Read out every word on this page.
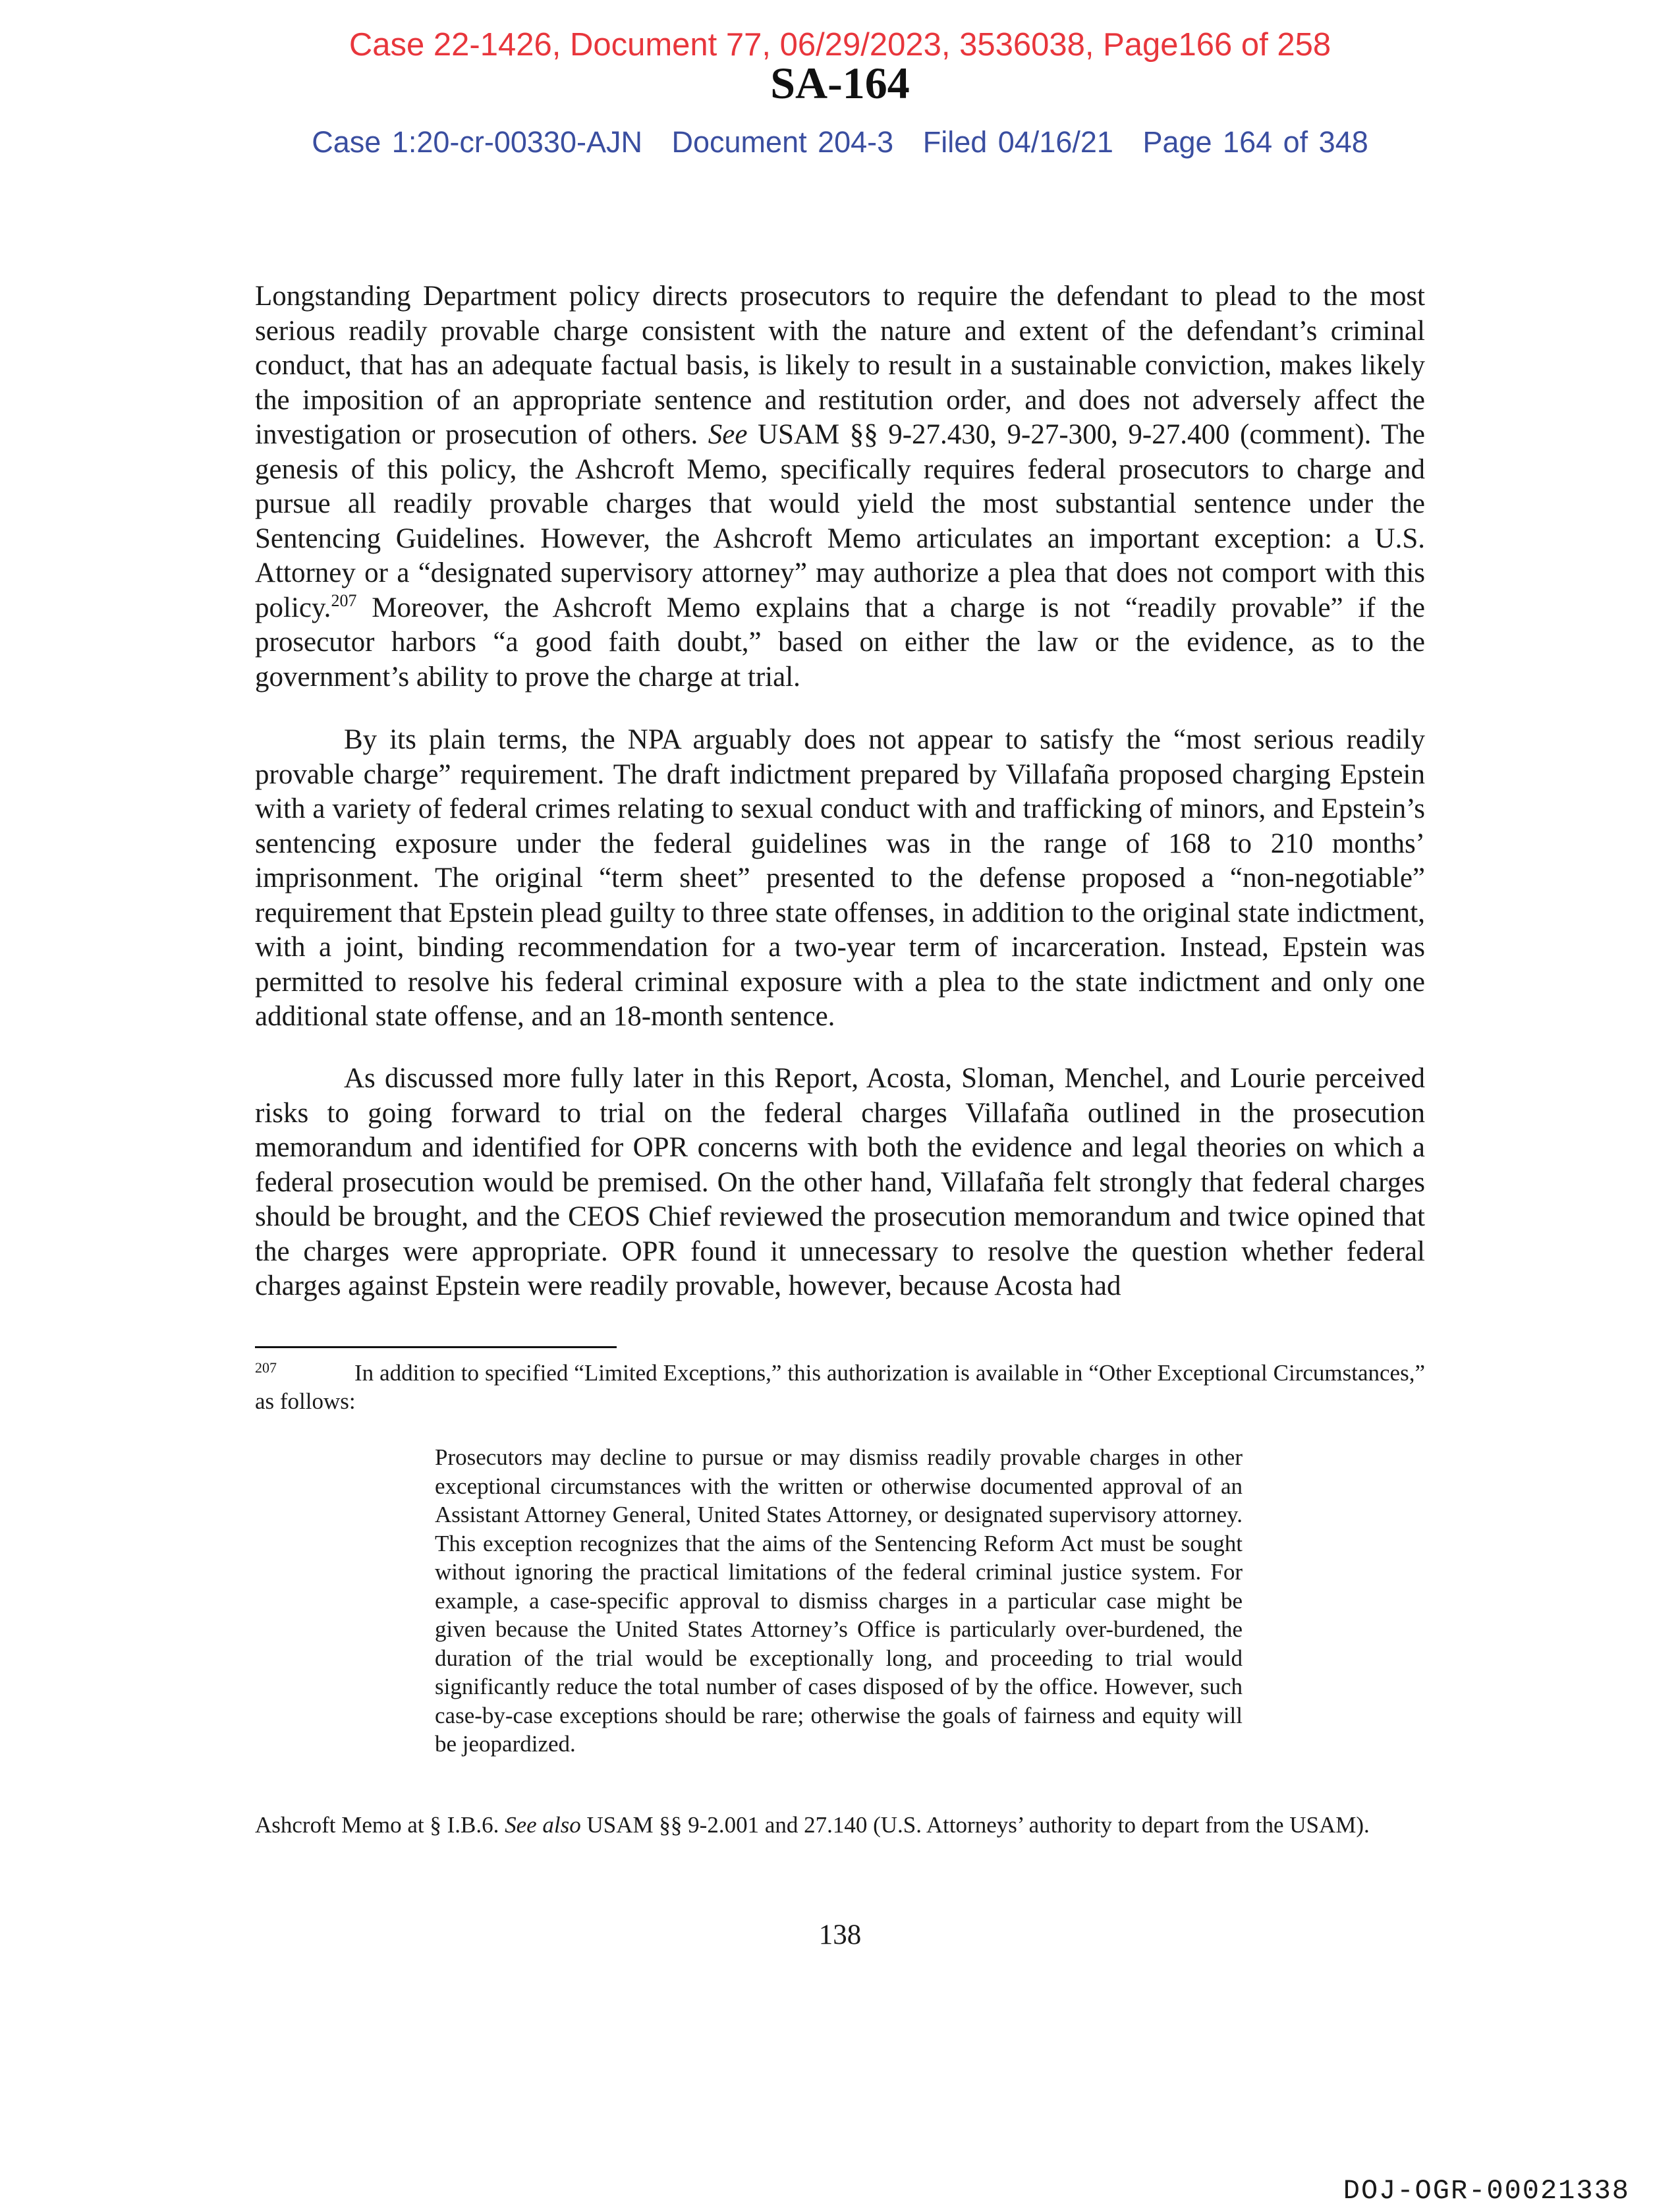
Case 22-1426, Document 77, 06/29/2023, 3536038, Page166 of 258
SA-164
Case 1:20-cr-00330-AJN Document 204-3 Filed 04/16/21 Page 164 of 348

Longstanding Department policy directs prosecutors to require the defendant to plead to the most serious readily provable charge consistent with the nature and extent of the defendant’s criminal conduct, that has an adequate factual basis, is likely to result in a sustainable conviction, makes likely the imposition of an appropriate sentence and restitution order, and does not adversely affect the investigation or prosecution of others. See USAM §§ 9-27.430, 9-27-300, 9-27.400 (comment). The genesis of this policy, the Ashcroft Memo, specifically requires federal prosecutors to charge and pursue all readily provable charges that would yield the most substantial sentence under the Sentencing Guidelines. However, the Ashcroft Memo articulates an important exception: a U.S. Attorney or a “designated supervisory attorney” may authorize a plea that does not comport with this policy.$^{207}$ Moreover, the Ashcroft Memo explains that a charge is not “readily provable” if the prosecutor harbors “a good faith doubt,” based on either the law or the evidence, as to the government’s ability to prove the charge at trial.

By its plain terms, the NPA arguably does not appear to satisfy the “most serious readily provable charge” requirement. The draft indictment prepared by Villafaña proposed charging Epstein with a variety of federal crimes relating to sexual conduct with and trafficking of minors, and Epstein’s sentencing exposure under the federal guidelines was in the range of 168 to 210 months’ imprisonment. The original “term sheet” presented to the defense proposed a “non-negotiable” requirement that Epstein plead guilty to three state offenses, in addition to the original state indictment, with a joint, binding recommendation for a two-year term of incarceration. Instead, Epstein was permitted to resolve his federal criminal exposure with a plea to the state indictment and only one additional state offense, and an 18-month sentence.

As discussed more fully later in this Report, Acosta, Sloman, Menchel, and Lourie perceived risks to going forward to trial on the federal charges Villafaña outlined in the prosecution memorandum and identified for OPR concerns with both the evidence and legal theories on which a federal prosecution would be premised. On the other hand, Villafaña felt strongly that federal charges should be brought, and the CEOS Chief reviewed the prosecution memorandum and twice opined that the charges were appropriate. OPR found it unnecessary to resolve the question whether federal charges against Epstein were readily provable, however, because Acosta had

$^{207}$	In addition to specified “Limited Exceptions,” this authorization is available in “Other Exceptional Circumstances,” as follows:
Prosecutors may decline to pursue or may dismiss readily provable charges in other exceptional circumstances with the written or otherwise documented approval of an Assistant Attorney General, United States Attorney, or designated supervisory attorney. This exception recognizes that the aims of the Sentencing Reform Act must be sought without ignoring the practical limitations of the federal criminal justice system. For example, a case-specific approval to dismiss charges in a particular case might be given because the United States Attorney’s Office is particularly over-burdened, the duration of the trial would be exceptionally long, and proceeding to trial would significantly reduce the total number of cases disposed of by the office. However, such case-by-case exceptions should be rare; otherwise the goals of fairness and equity will be jeopardized.
Ashcroft Memo at § I.B.6. See also USAM §§ 9-2.001 and 27.140 (U.S. Attorneys’ authority to depart from the USAM).
138
DOJ-OGR-00021338
